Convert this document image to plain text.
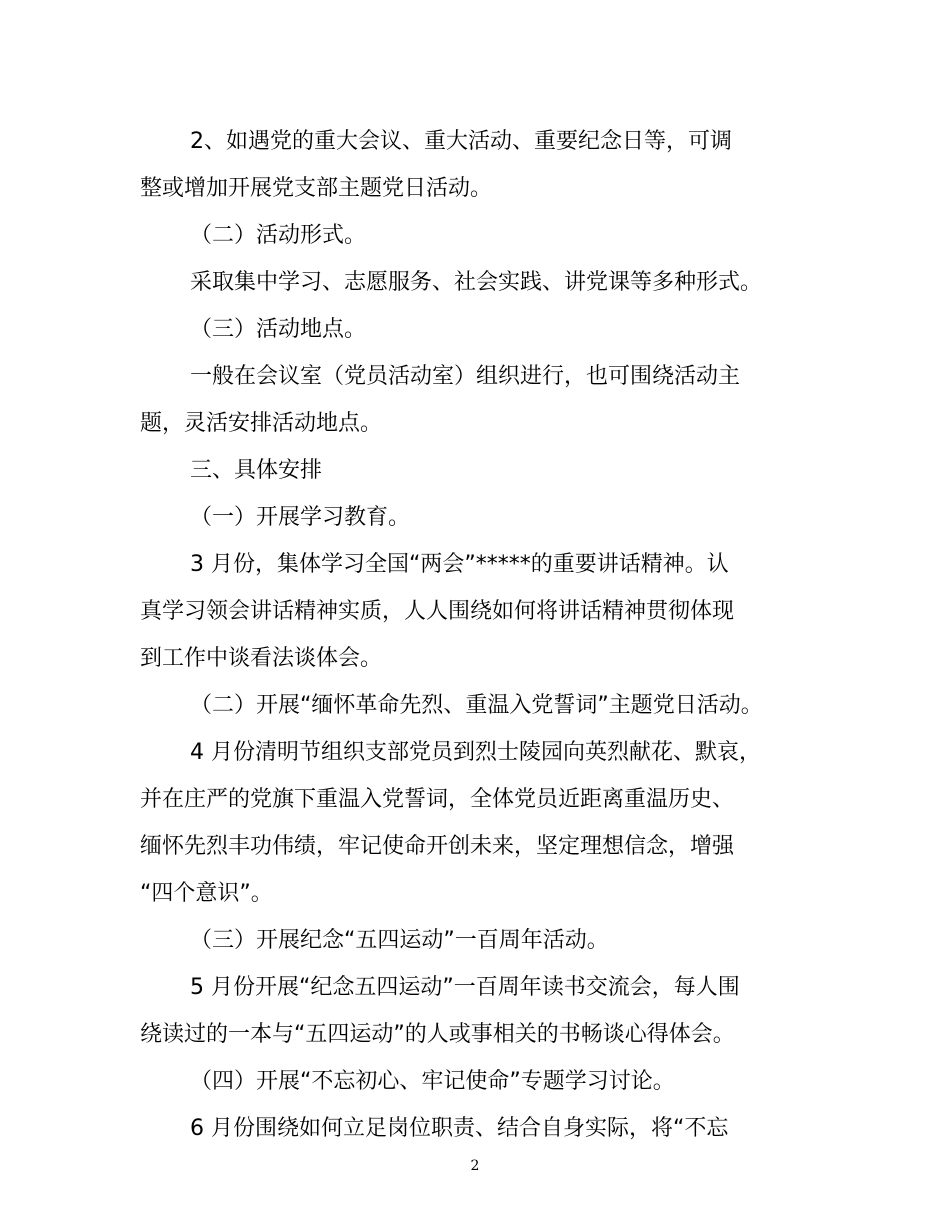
2、如遇党的重大会议、重大活动、重要纪念日等，可调

整或增加开展党支部主题党日活动。

（二）活动形式。

采取集中学习、志愿服务、社会实践、讲党课等多种形式。

（三）活动地点。

一般在会议室（党员活动室）组织进行，也可围绕活动主

题，灵活安排活动地点。

三、具体安排

（一）开展学习教育。

3 月份，集体学习全国“两会”*****的重要讲话精神。认

真学习领会讲话精神实质，人人围绕如何将讲话精神贯彻体现

到工作中谈看法谈体会。

（二）开展“缅怀革命先烈、重温入党誓词”主题党日活动。

4 月份清明节组织支部党员到烈士陵园向英烈献花、默哀，

并在庄严的党旗下重温入党誓词，全体党员近距离重温历史、

缅怀先烈丰功伟绩，牢记使命开创未来，坚定理想信念，增强

“四个意识”。

（三）开展纪念“五四运动”一百周年活动。

5 月份开展“纪念五四运动”一百周年读书交流会，每人围

绕读过的一本与“五四运动”的人或事相关的书畅谈心得体会。

（四）开展“不忘初心、牢记使命”专题学习讨论。

6 月份围绕如何立足岗位职责、结合自身实际，将“不忘

2
